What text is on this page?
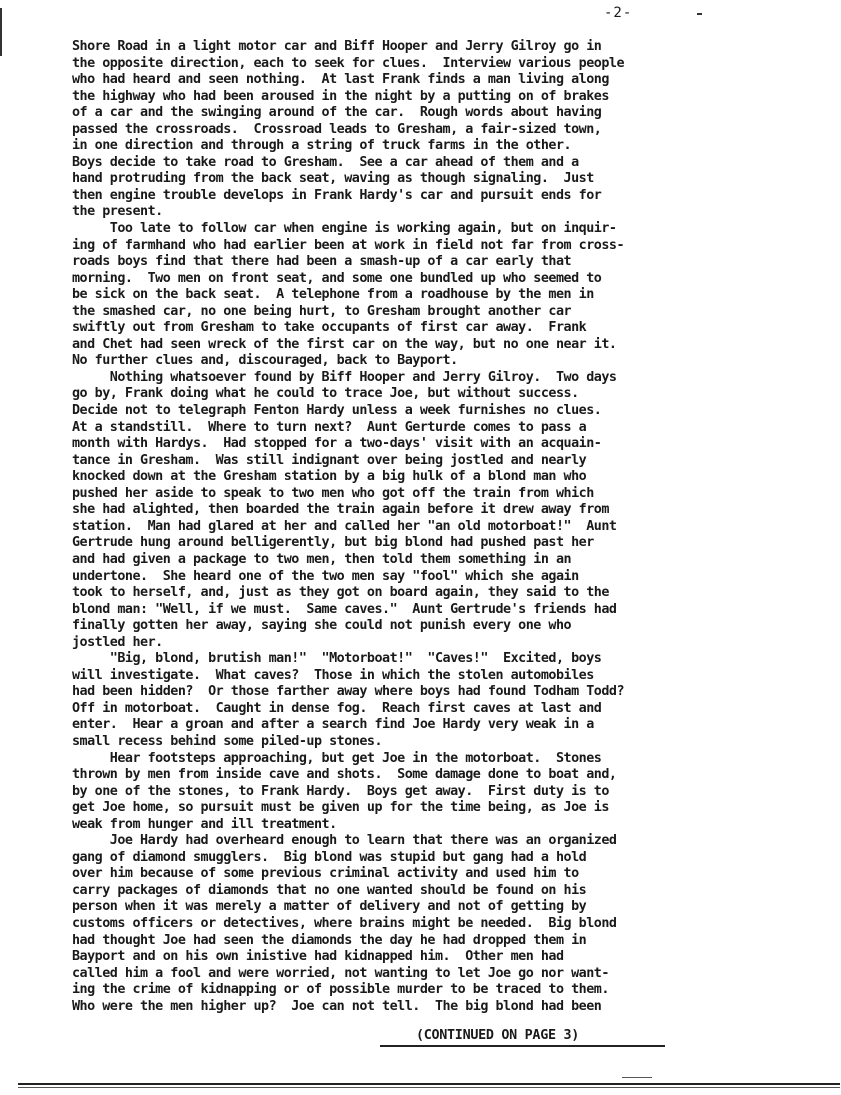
-2-
Shore Road in a light motor car and Biff Hooper and Jerry Gilroy go in
the opposite direction, each to seek for clues.  Interview various people
who had heard and seen nothing.  At last Frank finds a man living along
the highway who had been aroused in the night by a putting on of brakes
of a car and the swinging around of the car.  Rough words about having
passed the crossroads.  Crossroad leads to Gresham, a fair-sized town,
in one direction and through a string of truck farms in the other.
Boys decide to take road to Gresham.  See a car ahead of them and a
hand protruding from the back seat, waving as though signaling.  Just
then engine trouble develops in Frank Hardy's car and pursuit ends for
the present.
Too late to follow car when engine is working again, but on inquir-
ing of farmhand who had earlier been at work in field not far from cross-
roads boys find that there had been a smash-up of a car early that
morning.  Two men on front seat, and some one bundled up who seemed to
be sick on the back seat.  A telephone from a roadhouse by the men in
the smashed car, no one being hurt, to Gresham brought another car
swiftly out from Gresham to take occupants of first car away.  Frank
and Chet had seen wreck of the first car on the way, but no one near it.
No further clues and, discouraged, back to Bayport.
Nothing whatsoever found by Biff Hooper and Jerry Gilroy.  Two days
go by, Frank doing what he could to trace Joe, but without success.
Decide not to telegraph Fenton Hardy unless a week furnishes no clues.
At a standstill.  Where to turn next?  Aunt Gerturde comes to pass a
month with Hardys.  Had stopped for a two-days' visit with an acquain-
tance in Gresham.  Was still indignant over being jostled and nearly
knocked down at the Gresham station by a big hulk of a blond man who
pushed her aside to speak to two men who got off the train from which
she had alighted, then boarded the train again before it drew away from
station.  Man had glared at her and called her "an old motorboat!"  Aunt
Gertrude hung around belligerently, but big blond had pushed past her
and had given a package to two men, then told them something in an
undertone.  She heard one of the two men say "fool" which she again
took to herself, and, just as they got on board again, they said to the
blond man: "Well, if we must.  Same caves."  Aunt Gertrude's friends had
finally gotten her away, saying she could not punish every one who
jostled her.
"Big, blond, brutish man!"  "Motorboat!"  "Caves!"  Excited, boys
will investigate.  What caves?  Those in which the stolen automobiles
had been hidden?  Or those farther away where boys had found Todham Todd?
Off in motorboat.  Caught in dense fog.  Reach first caves at last and
enter.  Hear a groan and after a search find Joe Hardy very weak in a
small recess behind some piled-up stones.
Hear footsteps approaching, but get Joe in the motorboat.  Stones
thrown by men from inside cave and shots.  Some damage done to boat and,
by one of the stones, to Frank Hardy.  Boys get away.  First duty is to
get Joe home, so pursuit must be given up for the time being, as Joe is
weak from hunger and ill treatment.
Joe Hardy had overheard enough to learn that there was an organized
gang of diamond smugglers.  Big blond was stupid but gang had a hold
over him because of some previous criminal activity and used him to
carry packages of diamonds that no one wanted should be found on his
person when it was merely a matter of delivery and not of getting by
customs officers or detectives, where brains might be needed.  Big blond
had thought Joe had seen the diamonds the day he had dropped them in
Bayport and on his own inistive had kidnapped him.  Other men had
called him a fool and were worried, not wanting to let Joe go nor want-
ing the crime of kidnapping or of possible murder to be traced to them.
Who were the men higher up?  Joe can not tell.  The big blond had been
(CONTINUED ON PAGE 3)
